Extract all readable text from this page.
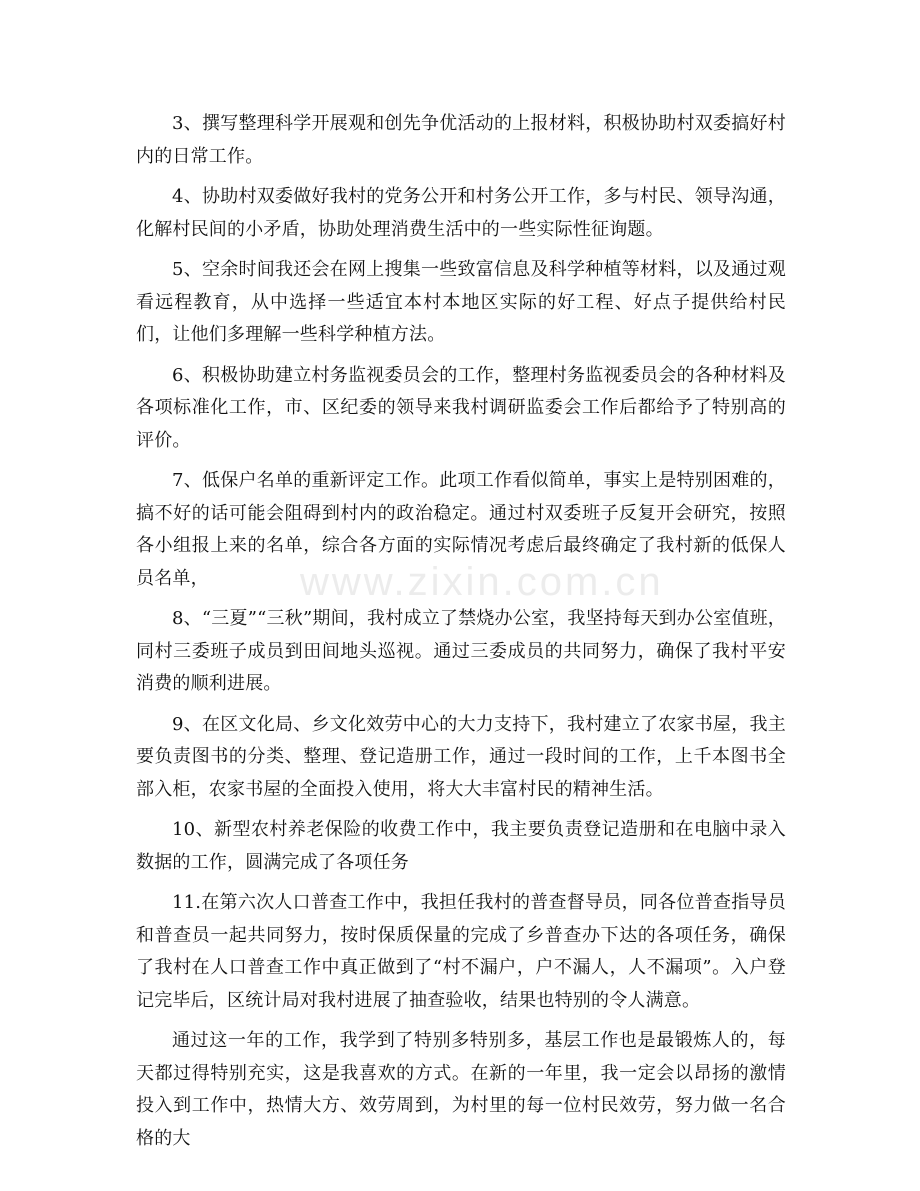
3、撰写整理科学开展观和创先争优活动的上报材料，积极协助村双委搞好村内的日常工作。

4、协助村双委做好我村的党务公开和村务公开工作，多与村民、领导沟通，化解村民间的小矛盾，协助处理消费生活中的一些实际性征询题。

5、空余时间我还会在网上搜集一些致富信息及科学种植等材料，以及通过观看远程教育，从中选择一些适宜本村本地区实际的好工程、好点子提供给村民们，让他们多理解一些科学种植方法。

6、积极协助建立村务监视委员会的工作，整理村务监视委员会的各种材料及各项标准化工作，市、区纪委的领导来我村调研监委会工作后都给予了特别高的评价。

7、低保户名单的重新评定工作。此项工作看似简单，事实上是特别困难的，搞不好的话可能会阻碍到村内的政治稳定。通过村双委班子反复开会研究，按照各小组报上来的名单，综合各方面的实际情况考虑后最终确定了我村新的低保人员名单，

8、“三夏”“三秋”期间，我村成立了禁烧办公室，我坚持每天到办公室值班，同村三委班子成员到田间地头巡视。通过三委成员的共同努力，确保了我村平安消费的顺利进展。

9、在区文化局、乡文化效劳中心的大力支持下，我村建立了农家书屋，我主要负责图书的分类、整理、登记造册工作，通过一段时间的工作，上千本图书全部入柜，农家书屋的全面投入使用，将大大丰富村民的精神生活。

10、新型农村养老保险的收费工作中，我主要负责登记造册和在电脑中录入数据的工作，圆满完成了各项任务

11.在第六次人口普查工作中，我担任我村的普查督导员，同各位普查指导员和普查员一起共同努力，按时保质保量的完成了乡普查办下达的各项任务，确保了我村在人口普查工作中真正做到了“村不漏户，户不漏人，人不漏项”。入户登记完毕后，区统计局对我村进展了抽查验收，结果也特别的令人满意。

通过这一年的工作，我学到了特别多特别多，基层工作也是最锻炼人的，每天都过得特别充实，这是我喜欢的方式。在新的一年里，我一定会以昂扬的激情投入到工作中，热情大方、效劳周到，为村里的每一位村民效劳，努力做一名合格的大

www.zixin.com.cn
